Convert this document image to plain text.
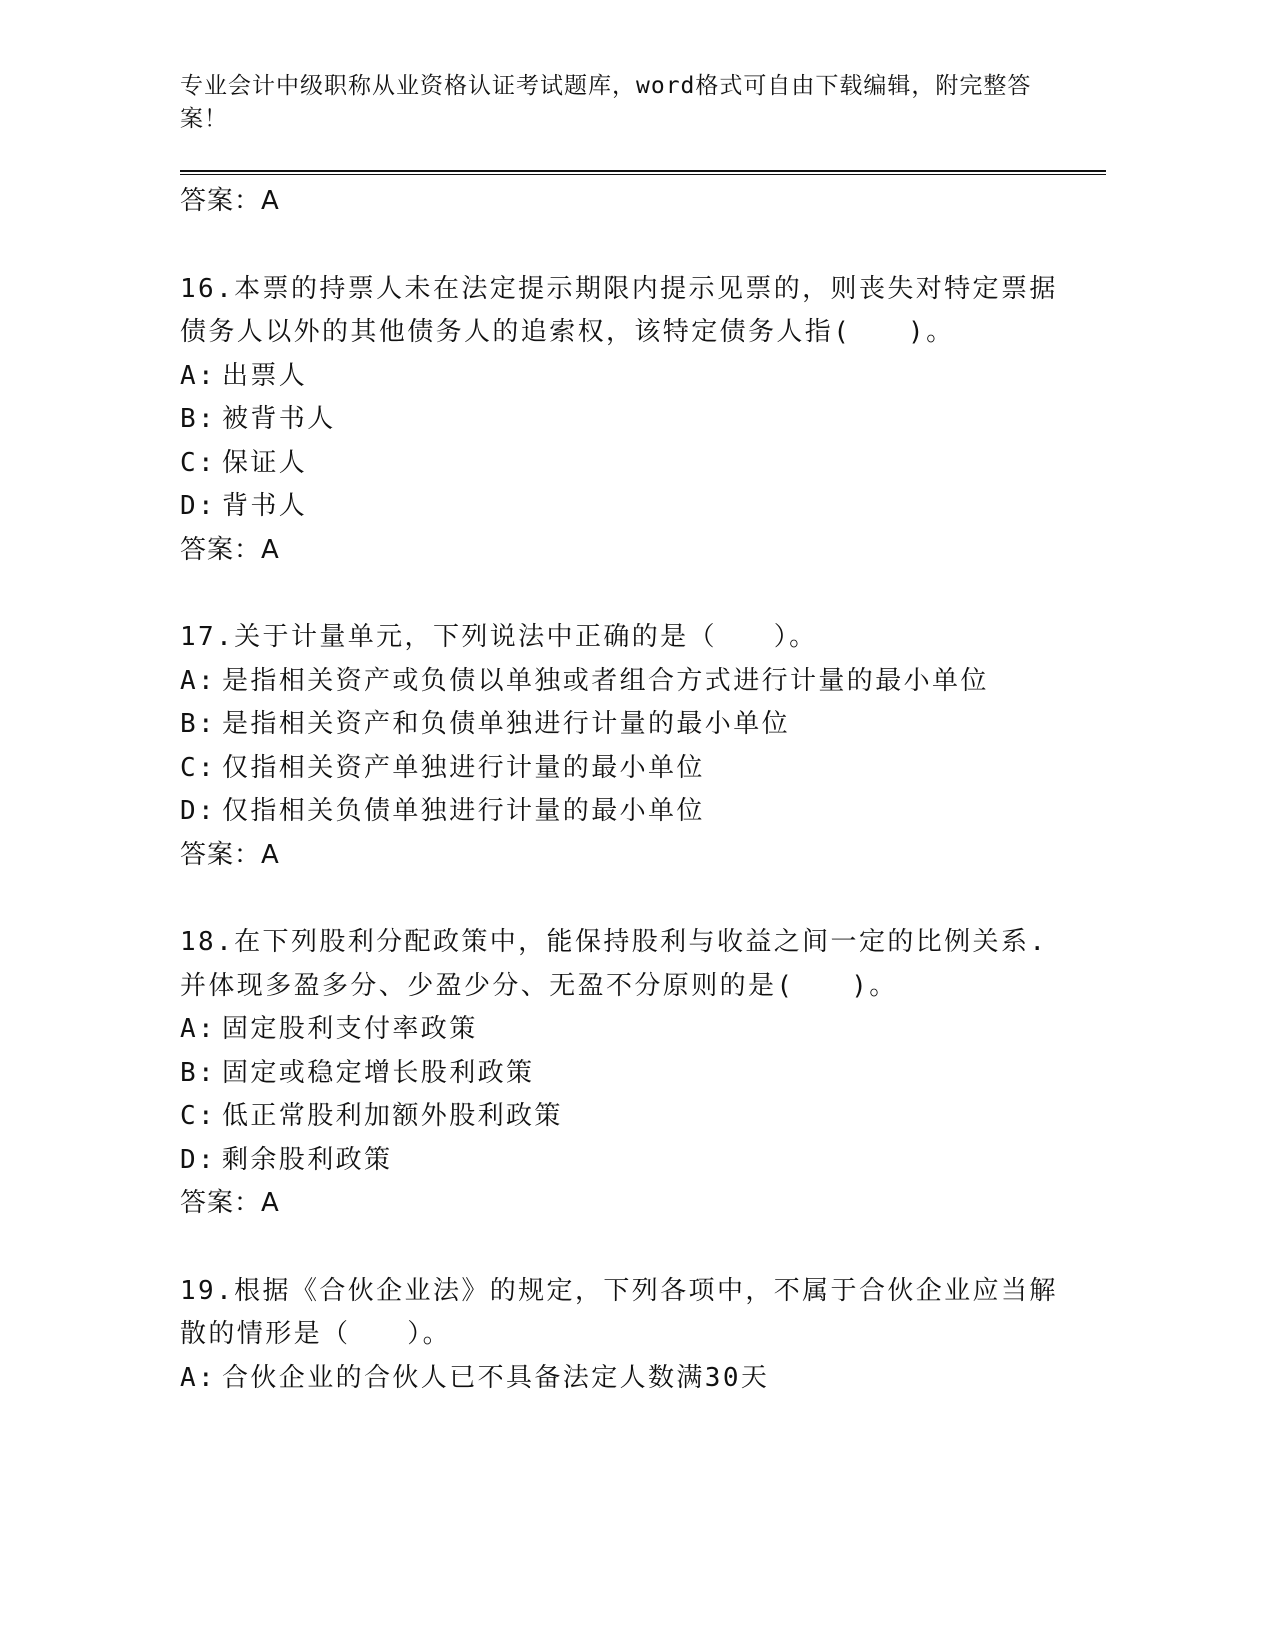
专业会计中级职称从业资格认证考试题库，word格式可自由下载编辑，附完整答案！
答案：A
16.本票的持票人未在法定提示期限内提示见票的，则丧失对特定票据
债务人以外的其他债务人的追索权，该特定债务人指(　　)。
A: 出票人
B: 被背书人
C: 保证人
D: 背书人
答案：A
17.关于计量单元，下列说法中正确的是（　　）。
A: 是指相关资产或负债以单独或者组合方式进行计量的最小单位
B: 是指相关资产和负债单独进行计量的最小单位
C: 仅指相关资产单独进行计量的最小单位
D: 仅指相关负债单独进行计量的最小单位
答案：A
18.在下列股利分配政策中，能保持股利与收益之间一定的比例关系.
并体现多盈多分、少盈少分、无盈不分原则的是(　　)。
A: 固定股利支付率政策
B: 固定或稳定增长股利政策
C: 低正常股利加额外股利政策
D: 剩余股利政策
答案：A
19.根据《合伙企业法》的规定，下列各项中，不属于合伙企业应当解
散的情形是（　　）。
A: 合伙企业的合伙人已不具备法定人数满30天
